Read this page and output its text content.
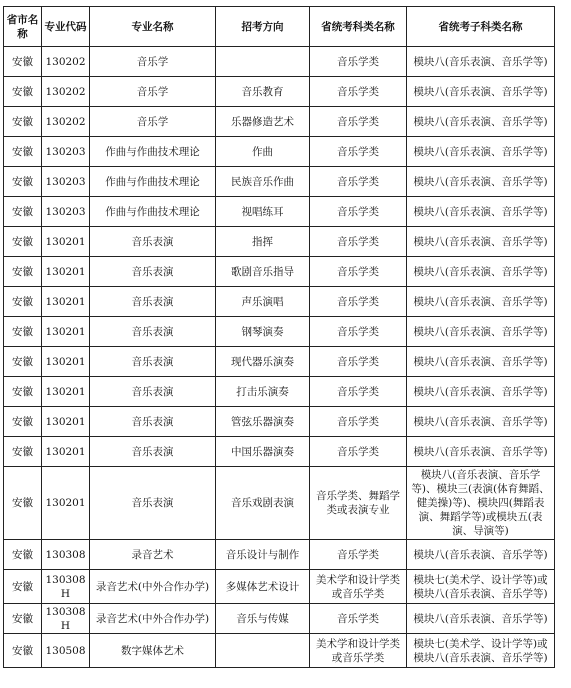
省市名称	专业代码	专业名称	招考方向	省统考科类名称	省统考子科类名称
安徽	130202	音乐学		音乐学类	模块八(音乐表演、音乐学等)
安徽	130202	音乐学	音乐教育	音乐学类	模块八(音乐表演、音乐学等)
安徽	130202	音乐学	乐器修造艺术	音乐学类	模块八(音乐表演、音乐学等)
安徽	130203	作曲与作曲技术理论	作曲	音乐学类	模块八(音乐表演、音乐学等)
安徽	130203	作曲与作曲技术理论	民族音乐作曲	音乐学类	模块八(音乐表演、音乐学等)
安徽	130203	作曲与作曲技术理论	视唱练耳	音乐学类	模块八(音乐表演、音乐学等)
安徽	130201	音乐表演	指挥	音乐学类	模块八(音乐表演、音乐学等)
安徽	130201	音乐表演	歌剧音乐指导	音乐学类	模块八(音乐表演、音乐学等)
安徽	130201	音乐表演	声乐演唱	音乐学类	模块八(音乐表演、音乐学等)
安徽	130201	音乐表演	钢琴演奏	音乐学类	模块八(音乐表演、音乐学等)
安徽	130201	音乐表演	现代器乐演奏	音乐学类	模块八(音乐表演、音乐学等)
安徽	130201	音乐表演	打击乐演奏	音乐学类	模块八(音乐表演、音乐学等)
安徽	130201	音乐表演	管弦乐器演奏	音乐学类	模块八(音乐表演、音乐学等)
安徽	130201	音乐表演	中国乐器演奏	音乐学类	模块八(音乐表演、音乐学等)
安徽	130201	音乐表演	音乐戏剧表演	音乐学类、舞蹈学类或表演专业	模块八(音乐表演、音乐学等)、模块三(表演(体育舞蹈、健美操)等)、模块四(舞蹈表演、舞蹈学等)或模块五(表演、导演等)
安徽	130308	录音艺术	音乐设计与制作	音乐学类	模块八(音乐表演、音乐学等)
安徽	130308H	录音艺术(中外合作办学)	多媒体艺术设计	美术学和设计学类或音乐学类	模块七(美术学、设计学等)或模块八(音乐表演、音乐学等)
安徽	130308H	录音艺术(中外合作办学)	音乐与传媒	音乐学类	模块八(音乐表演、音乐学等)
安徽	130508	数字媒体艺术		美术学和设计学类或音乐学类	模块七(美术学、设计学等)或模块八(音乐表演、音乐学等)
